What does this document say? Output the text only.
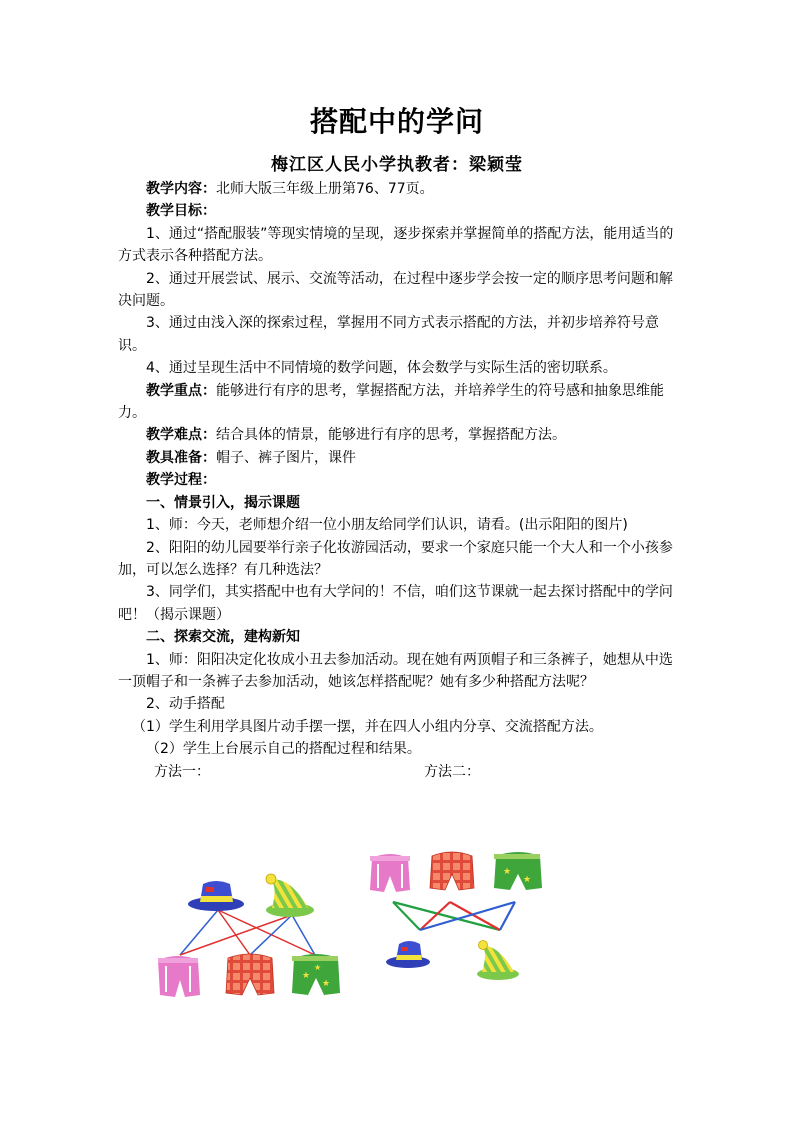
搭配中的学问
梅江区人民小学执教者：梁颖莹

教学内容：北师大版三年级上册第76、77页。

教学目标：

1、通过“搭配服装”等现实情境的呈现，逐步探索并掌握简单的搭配方法，能用适当的方式表示各种搭配方法。

2、通过开展尝试、展示、交流等活动，在过程中逐步学会按一定的顺序思考问题和解决问题。

3、通过由浅入深的探索过程，掌握用不同方式表示搭配的方法，并初步培养符号意识。

4、通过呈现生活中不同情境的数学问题，体会数学与实际生活的密切联系。

教学重点：能够进行有序的思考，掌握搭配方法，并培养学生的符号感和抽象思维能力。

教学难点：结合具体的情景，能够进行有序的思考，掌握搭配方法。

教具准备：帽子、裤子图片，课件

教学过程：

一、情景引入，揭示课题

1、师：今天，老师想介绍一位小朋友给同学们认识，请看。(出示阳阳的图片)

2、阳阳的幼儿园要举行亲子化妆游园活动，要求一个家庭只能一个大人和一个小孩参加，可以怎么选择？有几种选法？

3、同学们，其实搭配中也有大学问的！不信，咱们这节课就一起去探讨搭配中的学问吧！（揭示课题）

二、探索交流，建构新知

1、师：阳阳决定化妆成小丑去参加活动。现在她有两顶帽子和三条裤子，她想从中选一顶帽子和一条裤子去参加活动，她该怎样搭配呢？她有多少种搭配方法呢？

2、动手搭配

（1）学生利用学具图片动手摆一摆，并在四人小组内分享、交流搭配方法。

（2）学生上台展示自己的搭配过程和结果。

方法一：	方法二：
★
★
★
★
★
